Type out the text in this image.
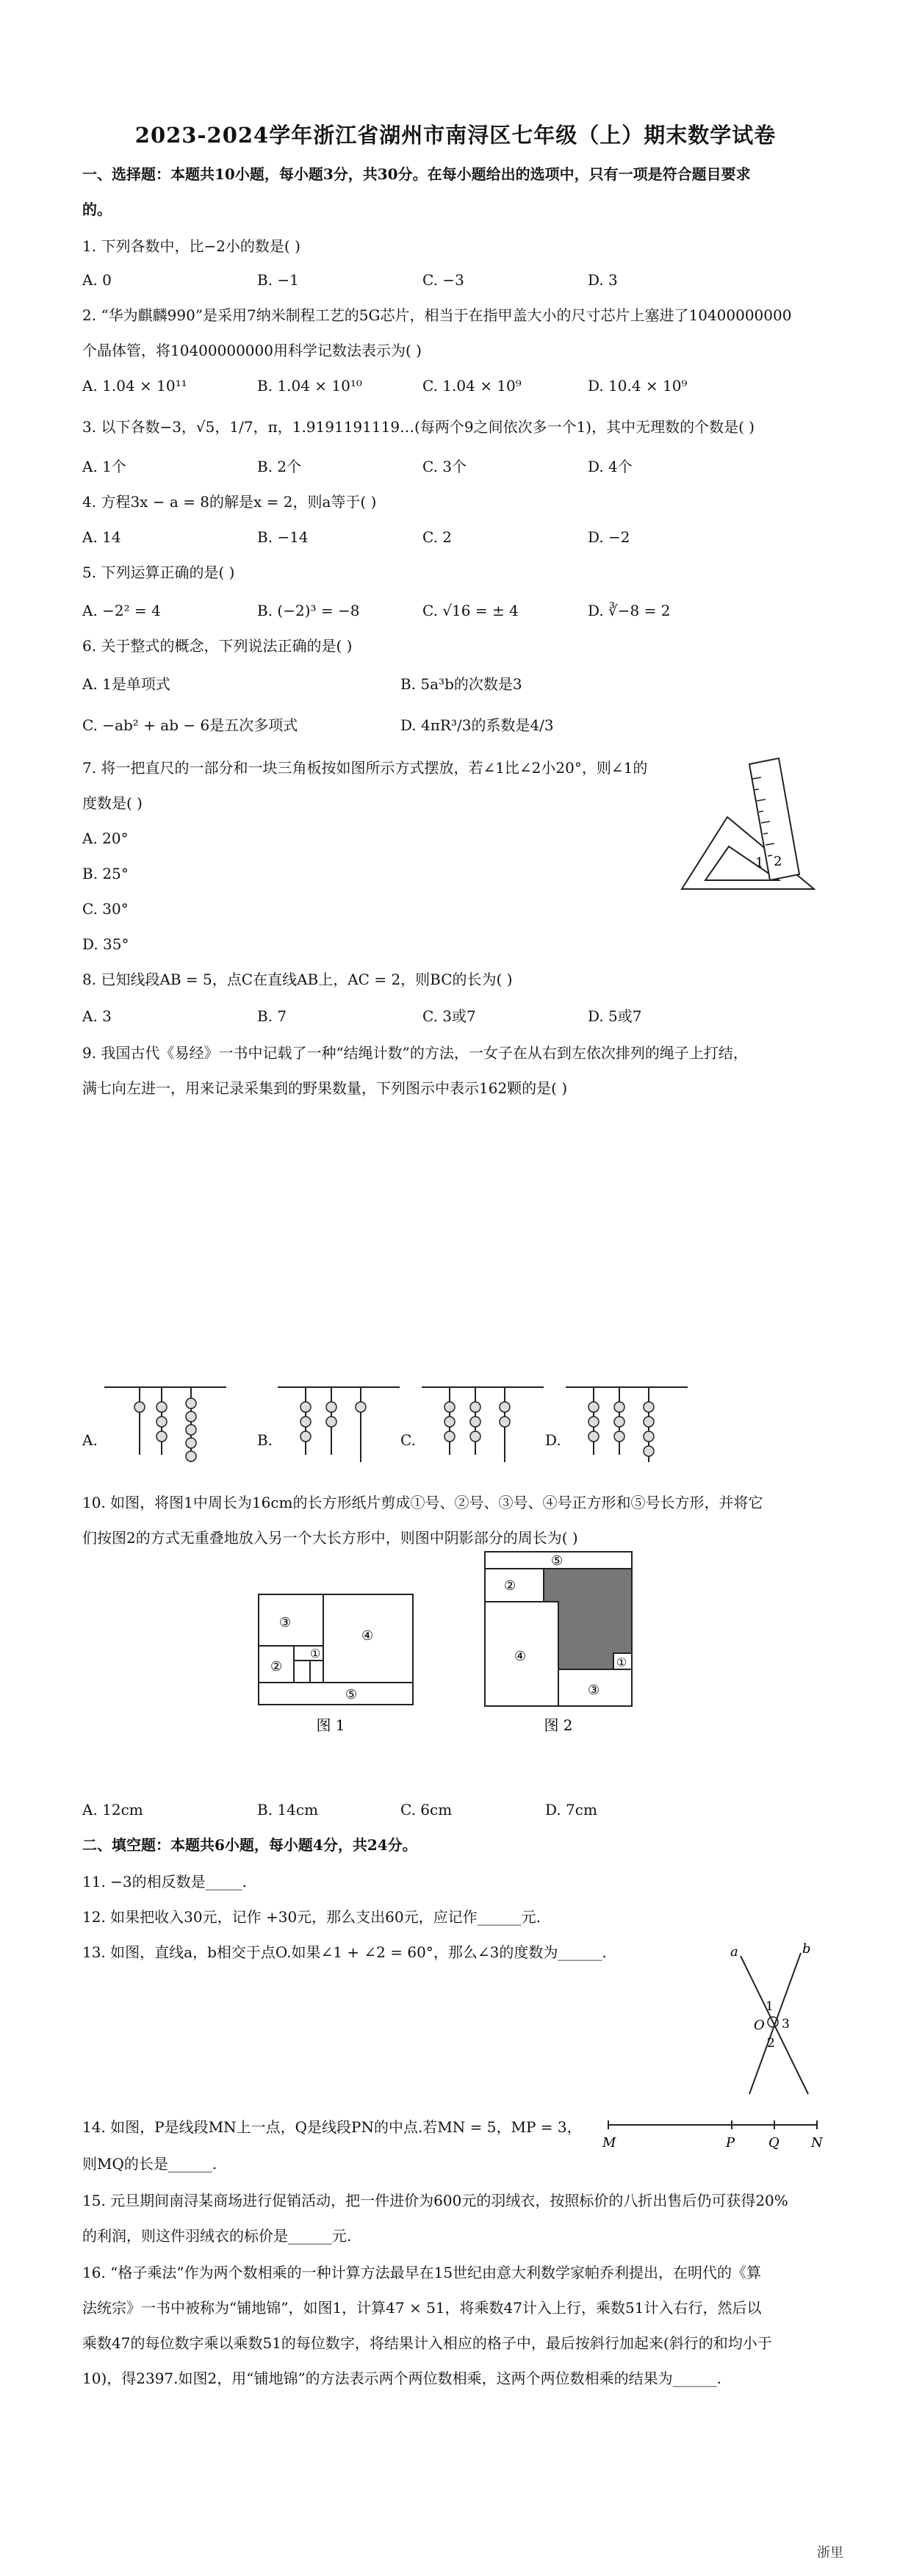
2023-2024学年浙江省湖州市南浔区七年级（上）期末数学试卷
一、选择题：本题共10小题，每小题3分，共30分。在每小题给出的选项中，只有一项是符合题目要求
的。
1. 下列各数中，比−2小的数是( )
A. 0	B. −1	C. −3	D. 3
2. “华为麒麟990”是采用7纳米制程工艺的5G芯片，相当于在指甲盖大小的尺寸芯片上塞进了10400000000
个晶体管，将10400000000用科学记数法表示为( )
A. 1.04 × 10¹¹	B. 1.04 × 10¹⁰	C. 1.04 × 10⁹	D. 10.4 × 10⁹
3. 以下各数−3，√5，1/7，π，1.9191191119…(每两个9之间依次多一个1)，其中无理数的个数是( )
A. 1个	B. 2个	C. 3个	D. 4个
4. 方程3x − a = 8的解是x = 2，则a等于( )
A. 14	B. −14	C. 2	D. −2
5. 下列运算正确的是( )
A. −2² = 4	B. (−2)³ = −8	C. √16 = ± 4	D. ∛−8 = 2
6. 关于整式的概念，下列说法正确的是( )
A. 1是单项式	B. 5a³b的次数是3
C. −ab² + ab − 6是五次多项式	D. 4πR³/3的系数是4/3
7. 将一把直尺的一部分和一块三角板按如图所示方式摆放，若∠1比∠2小20°，则∠1的
度数是( )
A. 20°
B. 25°
C. 30°
D. 35°
1 2
8. 已知线段AB = 5，点C在直线AB上，AC = 2，则BC的长为( )
A. 3	B. 7	C. 3或7	D. 5或7
9. 我国古代《易经》一书中记载了一种“结绳计数”的方法，一女子在从右到左依次排列的绳子上打结，
满七向左进一，用来记录采集到的野果数量，下列图示中表示162颗的是( )
A.	B.	C.	D.
10. 如图，将图1中周长为16cm的长方形纸片剪成①号、②号、③号、④号正方形和⑤号长方形，并将它
们按图2的方式无重叠地放入另一个大长方形中，则图中阴影部分的周长为( )
③
④
②
①
⑤
图 1
⑤
②
④
③
①
图 2
A. 12cm	B. 14cm	C. 6cm	D. 7cm
二、填空题：本题共6小题，每小题4分，共24分。
11. −3的相反数是_____.
12. 如果把收入30元，记作 +30元，那么支出60元，应记作______元.
13. 如图，直线a，b相交于点O.如果∠1 + ∠2 = 60°，那么∠3的度数为______.	a	b
O
1
3
2
14. 如图，P是线段MN上一点，Q是线段PN的中点.若MN = 5，MP = 3，
则MQ的长是______.
M	P	Q N
15. 元旦期间南浔某商场进行促销活动，把一件进价为600元的羽绒衣，按照标价的八折出售后仍可获得20%
的利润，则这件羽绒衣的标价是______元.
16. “格子乘法”作为两个数相乘的一种计算方法最早在15世纪由意大利数学家帕乔利提出，在明代的《算
法统宗》一书中被称为“铺地锦”，如图1，计算47 × 51，将乘数47计入上行，乘数51计入右行，然后以
乘数47的每位数字乘以乘数51的每位数字，将结果计入相应的格子中，最后按斜行加起来(斜行的和均小于
10)，得2397.如图2，用“铺地锦”的方法表示两个两位数相乘，这两个两位数相乘的结果为______.
浙里
